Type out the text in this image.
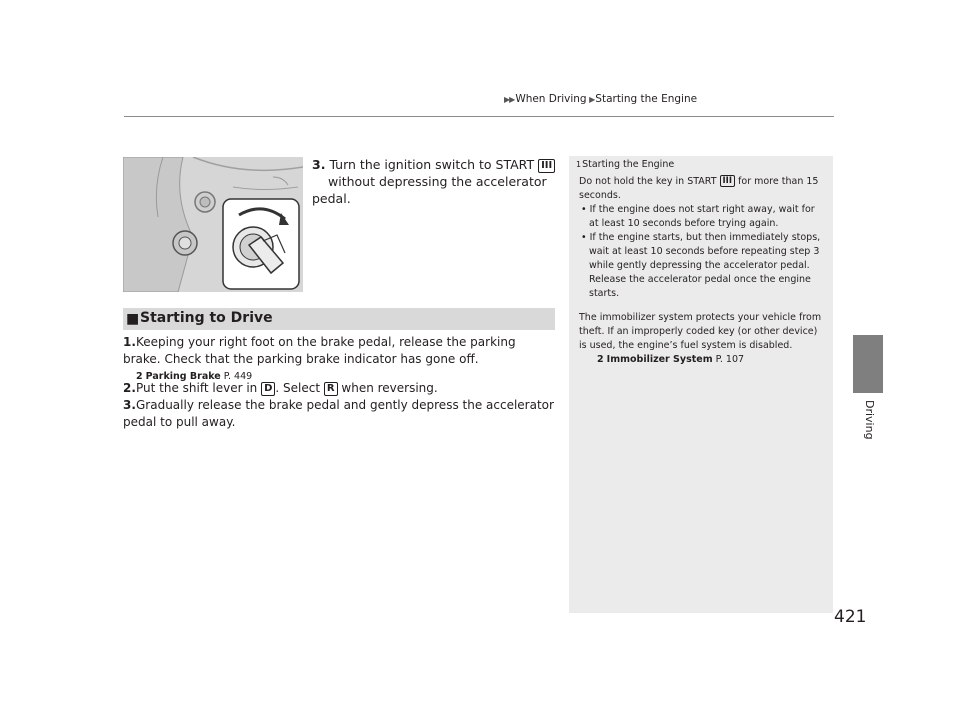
▶▶When Driving ▶Starting the Engine
Driving
3. Turn the ignition switch to START III
without depressing the accelerator pedal.
■ Starting to Drive
1.Keeping your right foot on the brake pedal, release the parking brake. Check that the parking brake indicator has gone off.
2 Parking Brake P. 449
2.Put the shift lever in D . Select R when reversing.
3.Gradually release the brake pedal and gently depress the accelerator pedal to pull away.
1Starting the Engine
Do not hold the key in START III for more than 15 seconds.
• If the engine does not start right away, wait for at least 10 seconds before trying again.
• If the engine starts, but then immediately stops, wait at least 10 seconds before repeating step 3 while gently depressing the accelerator pedal. Release the accelerator pedal once the engine starts.
The immobilizer system protects your vehicle from theft. If an improperly coded key (or other device) is used, the engine’s fuel system is disabled.
2 Immobilizer System P. 107
421
